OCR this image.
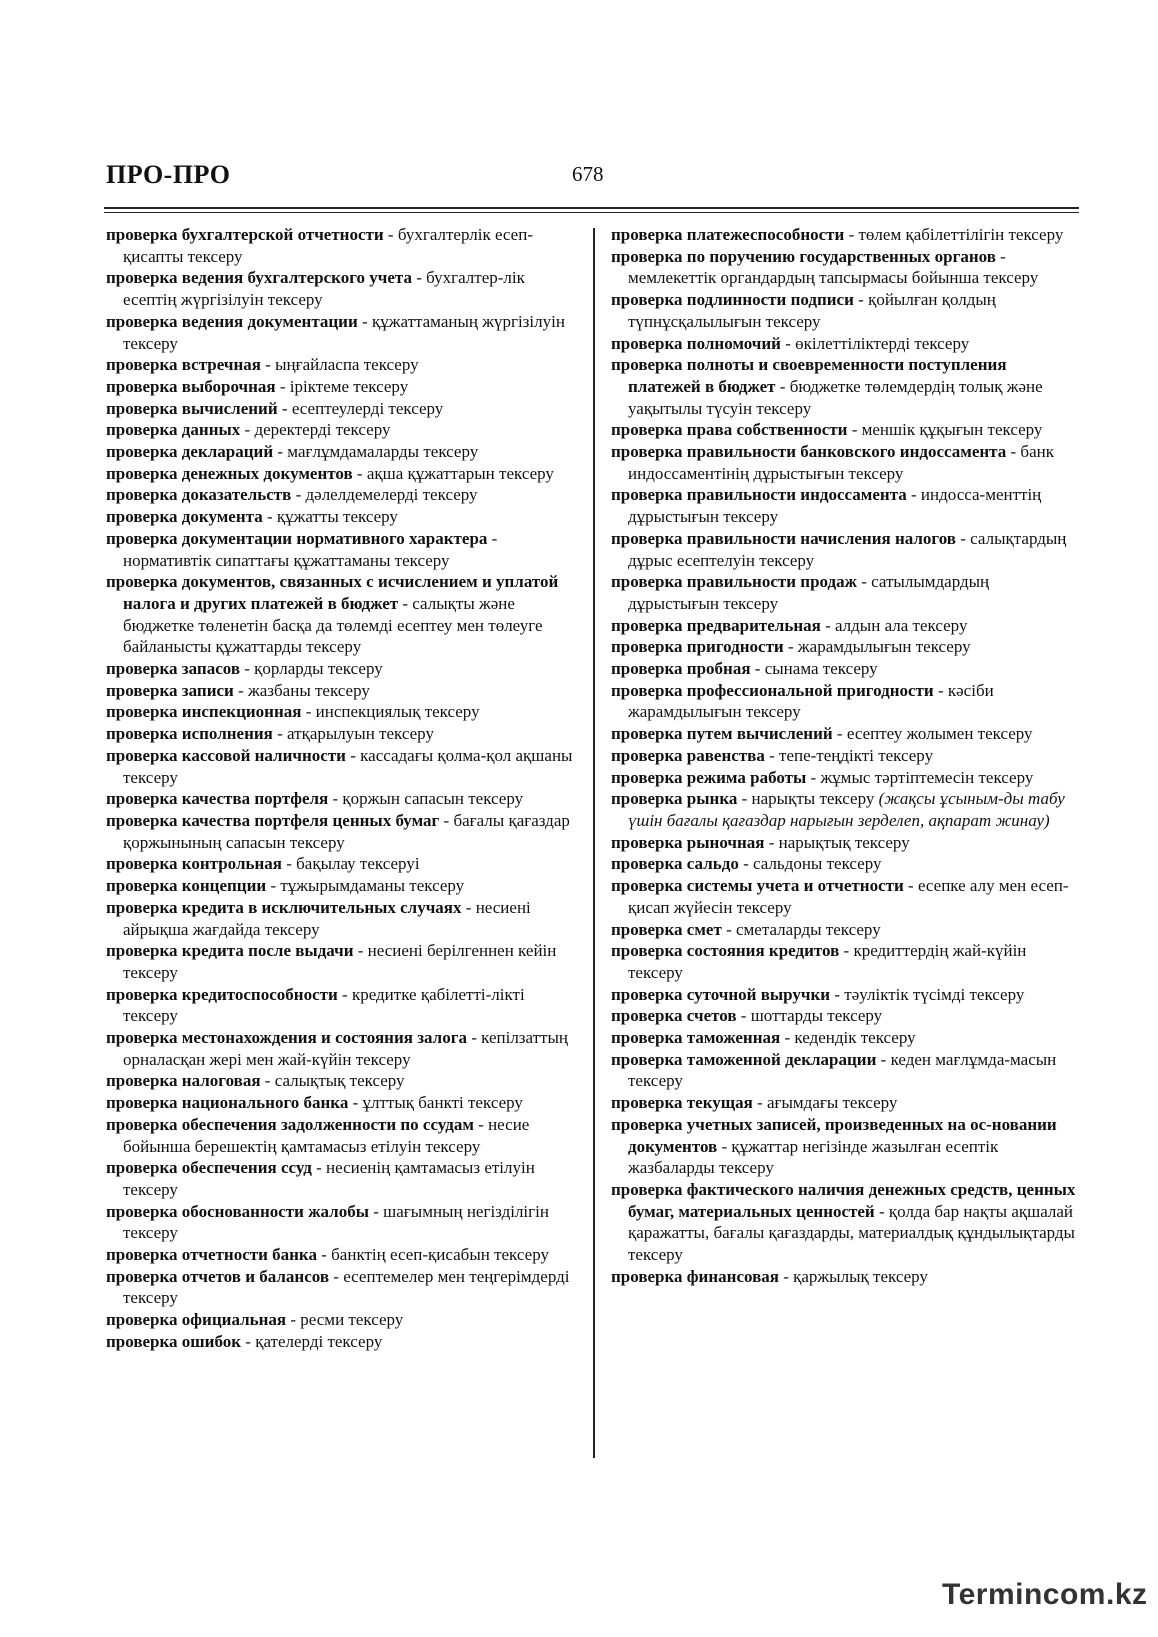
ПРО-ПРО	678

проверка бухгалтерской отчетности - бухгалтерлік есеп-қисапты тексеру

проверка ведения бухгалтерского учета - бухгалтер-лік есептің жүргізілуін тексеру

проверка ведения документации - құжаттаманың жүргізілуін тексеру

проверка встречная - ыңғайласпа тексеру

проверка выборочная - іріктеме тексеру

проверка вычислений - есептеулерді тексеру

проверка данных - деректерді тексеру

проверка деклараций - мағлұмдамаларды тексеру

проверка денежных документов - ақша құжаттарын тексеру

проверка доказательств - дәлелдемелерді тексеру

проверка документа - құжатты тексеру

проверка документации нормативного характера - нормативтік сипаттағы құжаттаманы тексеру

проверка документов, связанных с исчислением и уплатой налога и других платежей в бюджет - салықты және бюджетке төленетін басқа да төлемді есептеу мен төлеуге байланысты құжаттарды тексеру

проверка запасов - қорларды тексеру

проверка записи - жазбаны тексеру

проверка инспекционная - инспекциялық тексеру

проверка исполнения - атқарылуын тексеру

проверка кассовой наличности - кассадағы қолма-қол ақшаны тексеру

проверка качества портфеля - қоржын сапасын тексеру

проверка качества портфеля ценных бумаг - бағалы қағаздар қоржынының сапасын тексеру

проверка контрольная - бақылау тексеруі

проверка концепции - тұжырымдаманы тексеру

проверка кредита в исключительных случаях - несиені айрықша жағдайда тексеру

проверка кредита после выдачи - несиені берілгеннен кейін тексеру

проверка кредитоспособности - кредитке қабілетті-лікті тексеру

проверка местонахождения и состояния залога - кепілзаттың орналасқан жері мен жай-күйін тексеру

проверка налоговая - салықтық тексеру

проверка национального банка - ұлттық банкті тексеру

проверка обеспечения задолженности по ссудам - несие бойынша берешектің қамтамасыз етілуін тексеру

проверка обеспечения ссуд - несиенің қамтамасыз етілуін тексеру

проверка обоснованности жалобы - шағымның негізділігін тексеру

проверка отчетности банка - банктің есеп-қисабын тексеру

проверка отчетов и балансов - есептемелер мен теңгерімдерді тексеру

проверка официальная - ресми тексеру

проверка ошибок - қателерді тексеру

проверка платежеспособности - төлем қабілеттілігін тексеру

проверка по поручению государственных органов - мемлекеттік органдардың тапсырмасы бойынша тексеру

проверка подлинности подписи - қойылған қолдың түпнұсқалылығын тексеру

проверка полномочий - өкілеттіліктерді тексеру

проверка полноты и своевременности поступления платежей в бюджет - бюджетке төлемдердің толық және уақытылы түсуін тексеру

проверка права собственности - меншік құқығын тексеру

проверка правильности банковского индоссамента - банк индоссаментінің дұрыстығын тексеру

проверка правильности индоссамента - индосса-менттің дұрыстығын тексеру

проверка правильности начисления налогов - салықтардың дұрыс есептелуін тексеру

проверка правильности продаж - сатылымдардың дұрыстығын тексеру

проверка предварительная - алдын ала тексеру

проверка пригодности - жарамдылығын тексеру

проверка пробная - сынама тексеру

проверка профессиональной пригодности - кәсіби жарамдылығын тексеру

проверка путем вычислений - есептеу жолымен тексеру

проверка равенства - тепе-теңдікті тексеру

проверка режима работы - жұмыс тәртіптемесін тексеру

проверка рынка - нарықты тексеру (жақсы ұсыным-ды табу үшін бағалы қағаздар нарығын зерделеп, ақпарат жинау)

проверка рыночная - нарықтық тексеру

проверка сальдо - сальдоны тексеру

проверка системы учета и отчетности - есепке алу мен есеп-қисап жүйесін тексеру

проверка смет - сметаларды тексеру

проверка состояния кредитов - кредиттердің жай-күйін тексеру

проверка суточной выручки - тәуліктік түсімді тексеру

проверка счетов - шоттарды тексеру

проверка таможенная - кедендік тексеру

проверка таможенной декларации - кеден мағлұмда-масын тексеру

проверка текущая - ағымдағы тексеру

проверка учетных записей, произведенных на ос-новании документов - құжаттар негізінде жазылған есептік жазбаларды тексеру

проверка фактического наличия денежных средств, ценных бумаг, материальных ценностей - қолда бар нақты ақшалай қаражатты, бағалы қағаздарды, материалдық құндылықтарды тексеру

проверка финансовая - қаржылық тексеру

Termincom.kz
